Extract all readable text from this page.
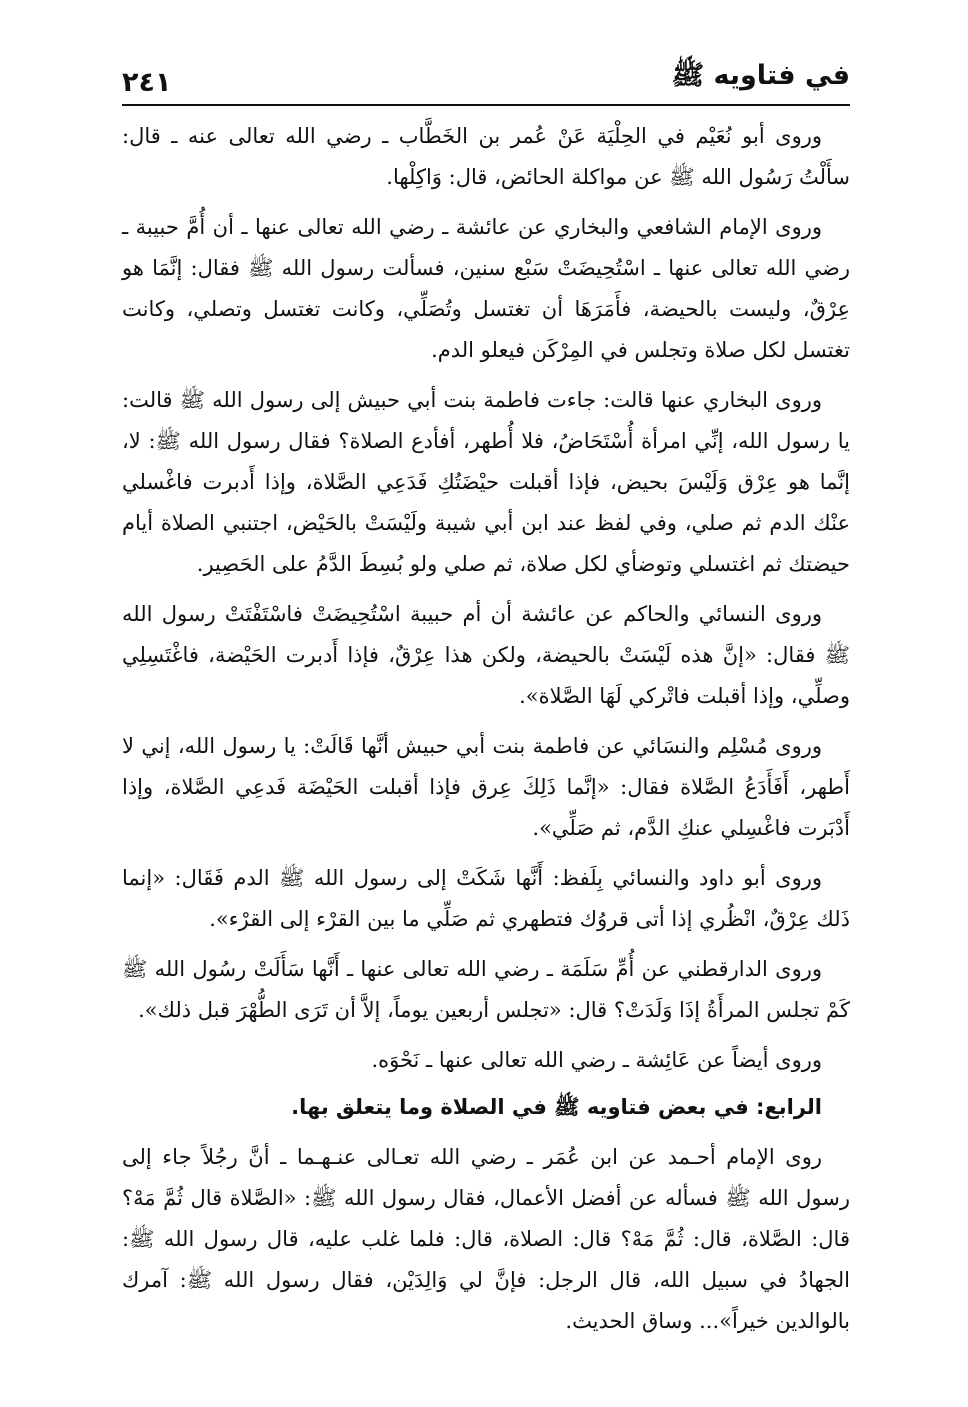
في فتاويه ﷺ
٢٤١

وروى أبو نُعَيْم في الحِلْيَة عَنْ عُمر بن الخَطَّاب ـ رضي الله تعالى عنه ـ قال: سأَلْتُ رَسُول الله ﷺ عن مواكلة الحائض، قال: وَاكِلْها.

وروى الإمام الشافعي والبخاري عن عائشة ـ رضي الله تعالى عنها ـ أن أُمَّ حبيبة ـ رضي الله تعالى عنها ـ اسْتُحِيضَتْ سَبْع سنين، فسألت رسول الله ﷺ فقال: إنَّمَا هو عِرْقٌ، وليست بالحيضة، فأَمَرَهَا أن تغتسل وتُصَلِّي، وكانت تغتسل وتصلي، وكانت تغتسل لكل صلاة وتجلس في المِرْكَن فيعلو الدم.

وروى البخاري عنها قالت: جاءت فاطمة بنت أبي حبيش إلى رسول الله ﷺ قالت: يا رسول الله، إنِّي امرأة أُسْتَحَاضُ، فلا أُطهر، أفأدع الصلاة؟ فقال رسول الله ﷺ: لا، إنَّما هو عِرْق وَلَيْسَ بحيض، فإذا أقبلت حيْضَتُكِ فَدَعِي الصَّلاة، وإذا أَدبرت فاغْسلي عنْك الدم ثم صلي، وفي لفظ عند ابن أبي شيبة ولَيْسَتْ بالحَيْض، اجتنبي الصلاة أيام حيضتك ثم اغتسلي وتوضأي لكل صلاة، ثم صلي ولو بُسِطَ الدَّمُ على الحَصِير.

وروى النسائي والحاكم عن عائشة أن أم حبيبة اسْتُحِيضَتْ فاسْتَفْتَتْ رسول الله ﷺ فقال: «إنَّ هذه لَيْسَتْ بالحيضة، ولكن هذا عِرْقٌ، فإذا أَدبرت الحَيْضة، فاغْتَسِلِي وصلِّي، وإذا أقبلت فاتْركي لَهَا الصَّلاة».

وروى مُسْلِم والنسَائي عن فاطمة بنت أبي حبيش أنَّها قَالَتْ: يا رسول الله، إني لا أَطهر، أَفَأَدَعُ الصَّلاة فقال: «إنَّما ذَلِكَ عِرق فإذا أقبلت الحَيْضَة فَدعِي الصَّلاة، وإذا أَدْبَرت فاغْسِلي عنكِ الدَّم، ثم صَلِّي».

وروى أبو داود والنسائي بِلَفظ: أَنَّها شَكَتْ إلى رسول الله ﷺ الدم فَقَال: «إنما ذَلك عِرْقٌ، انْظُري إذا أتى قروُك فتطهري ثم صَلِّي ما بين القرْء إلى القرْء».

وروى الدارقطني عن أُمِّ سَلَمَة ـ رضي الله تعالى عنها ـ أَنَّها سَأَلَتْ رسُول الله ﷺ كَمْ تجلس المرأَةُ إذَا وَلَدَتْ؟ قال: «تجلس أربعين يوماً، إلاَّ أن تَرَى الطُّهْرَ قبل ذلك».

وروى أيضاً عن عَائِشة ـ رضي الله تعالى عنها ـ نَحْوَه.

الرابع: في بعض فتاويه ﷺ في الصلاة وما يتعلق بها.

روى الإمام أحـمد عن ابن عُمَر ـ رضي الله تعـالى عنـهـما ـ أنَّ رجُلاً جاء إلى رسول الله ﷺ فسأله عن أفضل الأعمال، فقال رسول الله ﷺ: «الصَّلاة قال ثُمَّ مَهْ؟ قال: الصَّلاة، قال: ثُمَّ مَهْ؟ قال: الصلاة، قال: فلما غلب عليه، قال رسول الله ﷺ: الجهادُ في سبيل الله، قال الرجل: فإنَّ لي وَالِدَيْن، فقال رسول الله ﷺ: آمرك بالوالدين خيراً»... وساق الحديث.
